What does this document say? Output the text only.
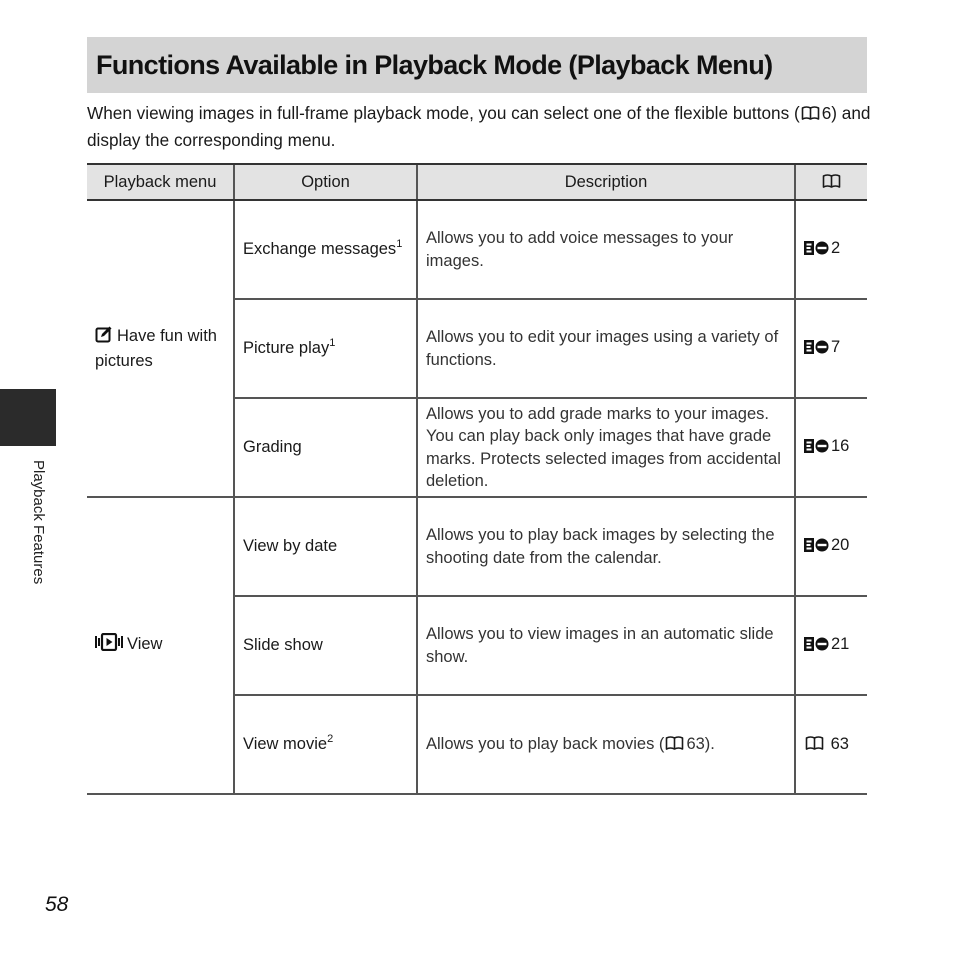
Functions Available in Playback Mode (Playback Menu)

When viewing images in full-frame playback mode, you can select one of the flexible buttons ( 6) and display the corresponding menu.

Playback menu	Option	Description	

Have fun with pictures	Exchange messages$^1$	Allows you to add voice messages to your images.	2
	Picture play$^1$	Allows you to edit your images using a variety of functions.	7
	Grading	Allows you to add grade marks to your images. You can play back only images that have grade marks. Protects selected images from accidental deletion.	16
View	View by date	Allows you to play back images by selecting the shooting date from the calendar.	20
	Slide show	Allows you to view images in an automatic slide show.	21
	View movie$^2$	Allows you to play back movies ( 63).	63
Playback Features
58
